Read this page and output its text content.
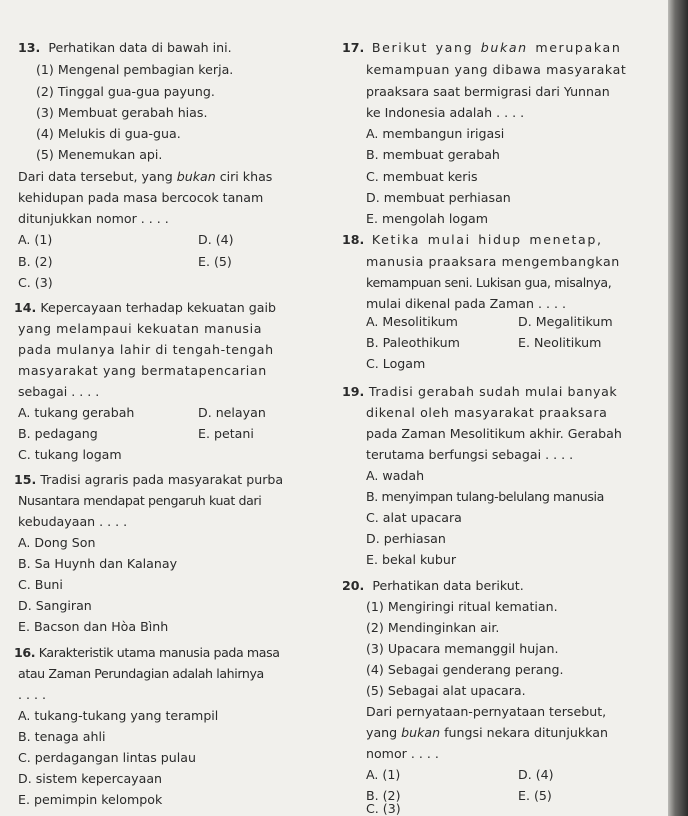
13. Perhatikan data di bawah ini.
(1) Mengenal pembagian kerja.
(2) Tinggal gua-gua payung.
(3) Membuat gerabah hias.
(4) Melukis di gua-gua.
(5) Menemukan api.
Dari data tersebut, yang bukan ciri khas
kehidupan pada masa bercocok tanam
ditunjukkan nomor . . . .
A. (1)
B. (2)
C. (3)
D. (4)
E. (5)
14. Kepercayaan terhadap kekuatan gaib
yang melampaui kekuatan manusia
pada mulanya lahir di tengah-tengah
masyarakat yang bermatapencarian
sebagai . . . .
A. tukang gerabah
B. pedagang
C. tukang logam
D. nelayan
E. petani
15. Tradisi agraris pada masyarakat purba
Nusantara mendapat pengaruh kuat dari
kebudayaan . . . .
A. Dong Son
B. Sa Huynh dan Kalanay
C. Buni
D. Sangiran
E. Bacson dan Hòa Bình
16. Karakteristik utama manusia pada masa
atau Zaman Perundagian adalah lahirnya
. . . .
A. tukang-tukang yang terampil
B. tenaga ahli
C. perdagangan lintas pulau
D. sistem kepercayaan
E. pemimpin kelompok
17. Berikut yang bukan merupakan
kemampuan yang dibawa masyarakat
praaksara saat bermigrasi dari Yunnan
ke Indonesia adalah . . . .
A. membangun irigasi
B. membuat gerabah
C. membuat keris
D. membuat perhiasan
E. mengolah logam
18. Ketika mulai hidup menetap,
manusia praaksara mengembangkan
kemampuan seni. Lukisan gua, misalnya,
mulai dikenal pada Zaman . . . .
A. Mesolitikum
B. Paleothikum
C. Logam
D. Megalitikum
E. Neolitikum
19. Tradisi gerabah sudah mulai banyak
dikenal oleh masyarakat praaksara
pada Zaman Mesolitikum akhir. Gerabah
terutama berfungsi sebagai . . . .
A. wadah
B. menyimpan tulang-belulang manusia
C. alat upacara
D. perhiasan
E. bekal kubur
20. Perhatikan data berikut.
(1) Mengiringi ritual kematian.
(2) Mendinginkan air.
(3) Upacara memanggil hujan.
(4) Sebagai genderang perang.
(5) Sebagai alat upacara.
Dari pernyataan-pernyataan tersebut,
yang bukan fungsi nekara ditunjukkan
nomor . . . .
A. (1)
B. (2)
C. (3)
D. (4)
E. (5)
